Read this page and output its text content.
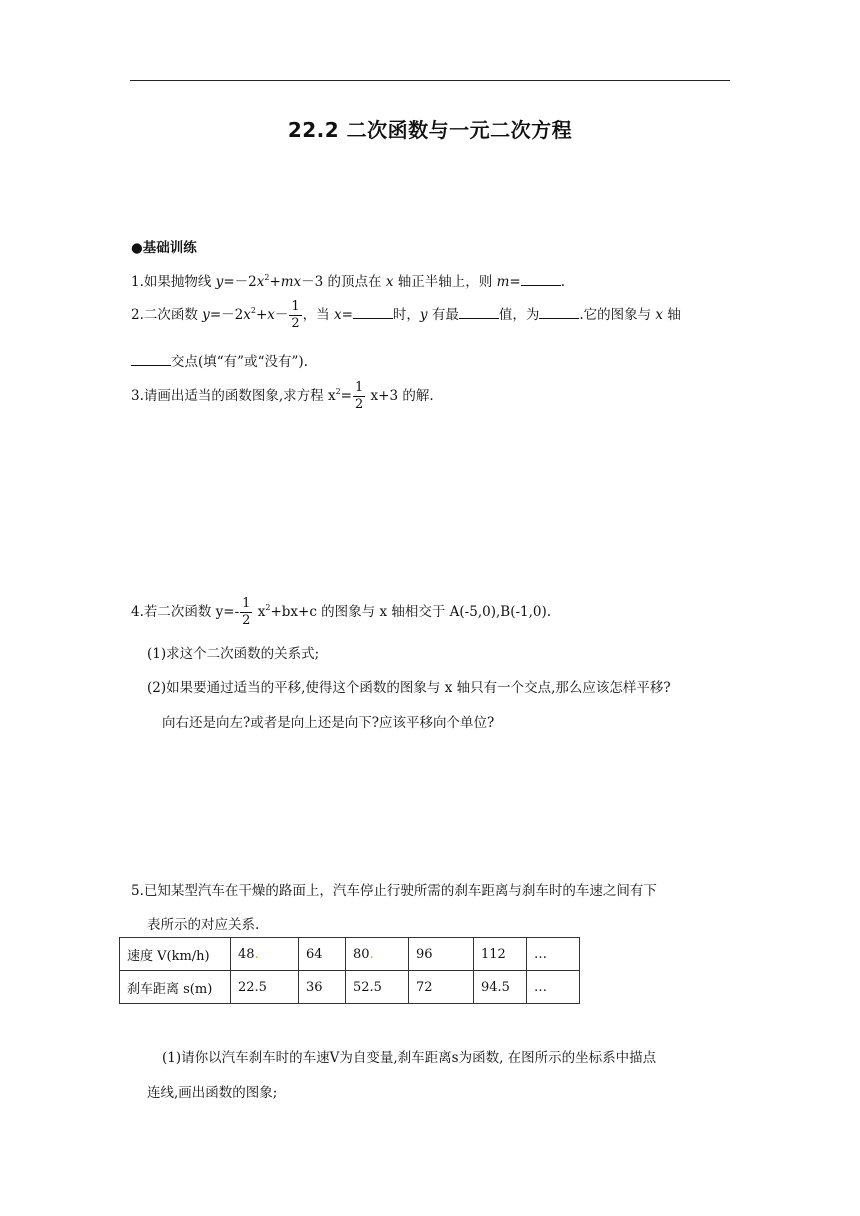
22.2 二次函数与一元二次方程
●基础训练
1.如果抛物线 $y=-2x^2+mx-3$ 的顶点在 x 轴正半轴上，则 m=	.
2.二次函数 $y=-2x^2+x- \frac{1}{2}$ ，当 x=	时，y 有最	值，为	.它的图象与 x 轴
交点(填“有”或“没有”).
3.请画出适当的函数图象,求方程 $x^2= \frac{1}{2} x+3$ 的解.
4.若二次函数 $y=- \frac{1}{2} x^2+bx+c$ 的图象与 x 轴相交于 A(-5,0),B(-1,0).
(1)求这个二次函数的关系式;
(2)如果要通过适当的平移,使得这个函数的图象与 x 轴只有一个交点,那么应该怎样平移?
向右还是向左?或者是向上还是向下?应该平移向个单位?
5.已知某型汽车在干燥的路面上，汽车停止行驶所需的刹车距离与刹车时的车速之间有下
表所示的对应关系.
速度 V(km/h)	48.	64	80.	96	112	…
刹车距离 s(m)	22.5	36	52.5	72	94.5	…
(1)请你以汽车刹车时的车速V为自变量,刹车距离s为函数, 在图所示的坐标系中描点
连线,画出函数的图象;
